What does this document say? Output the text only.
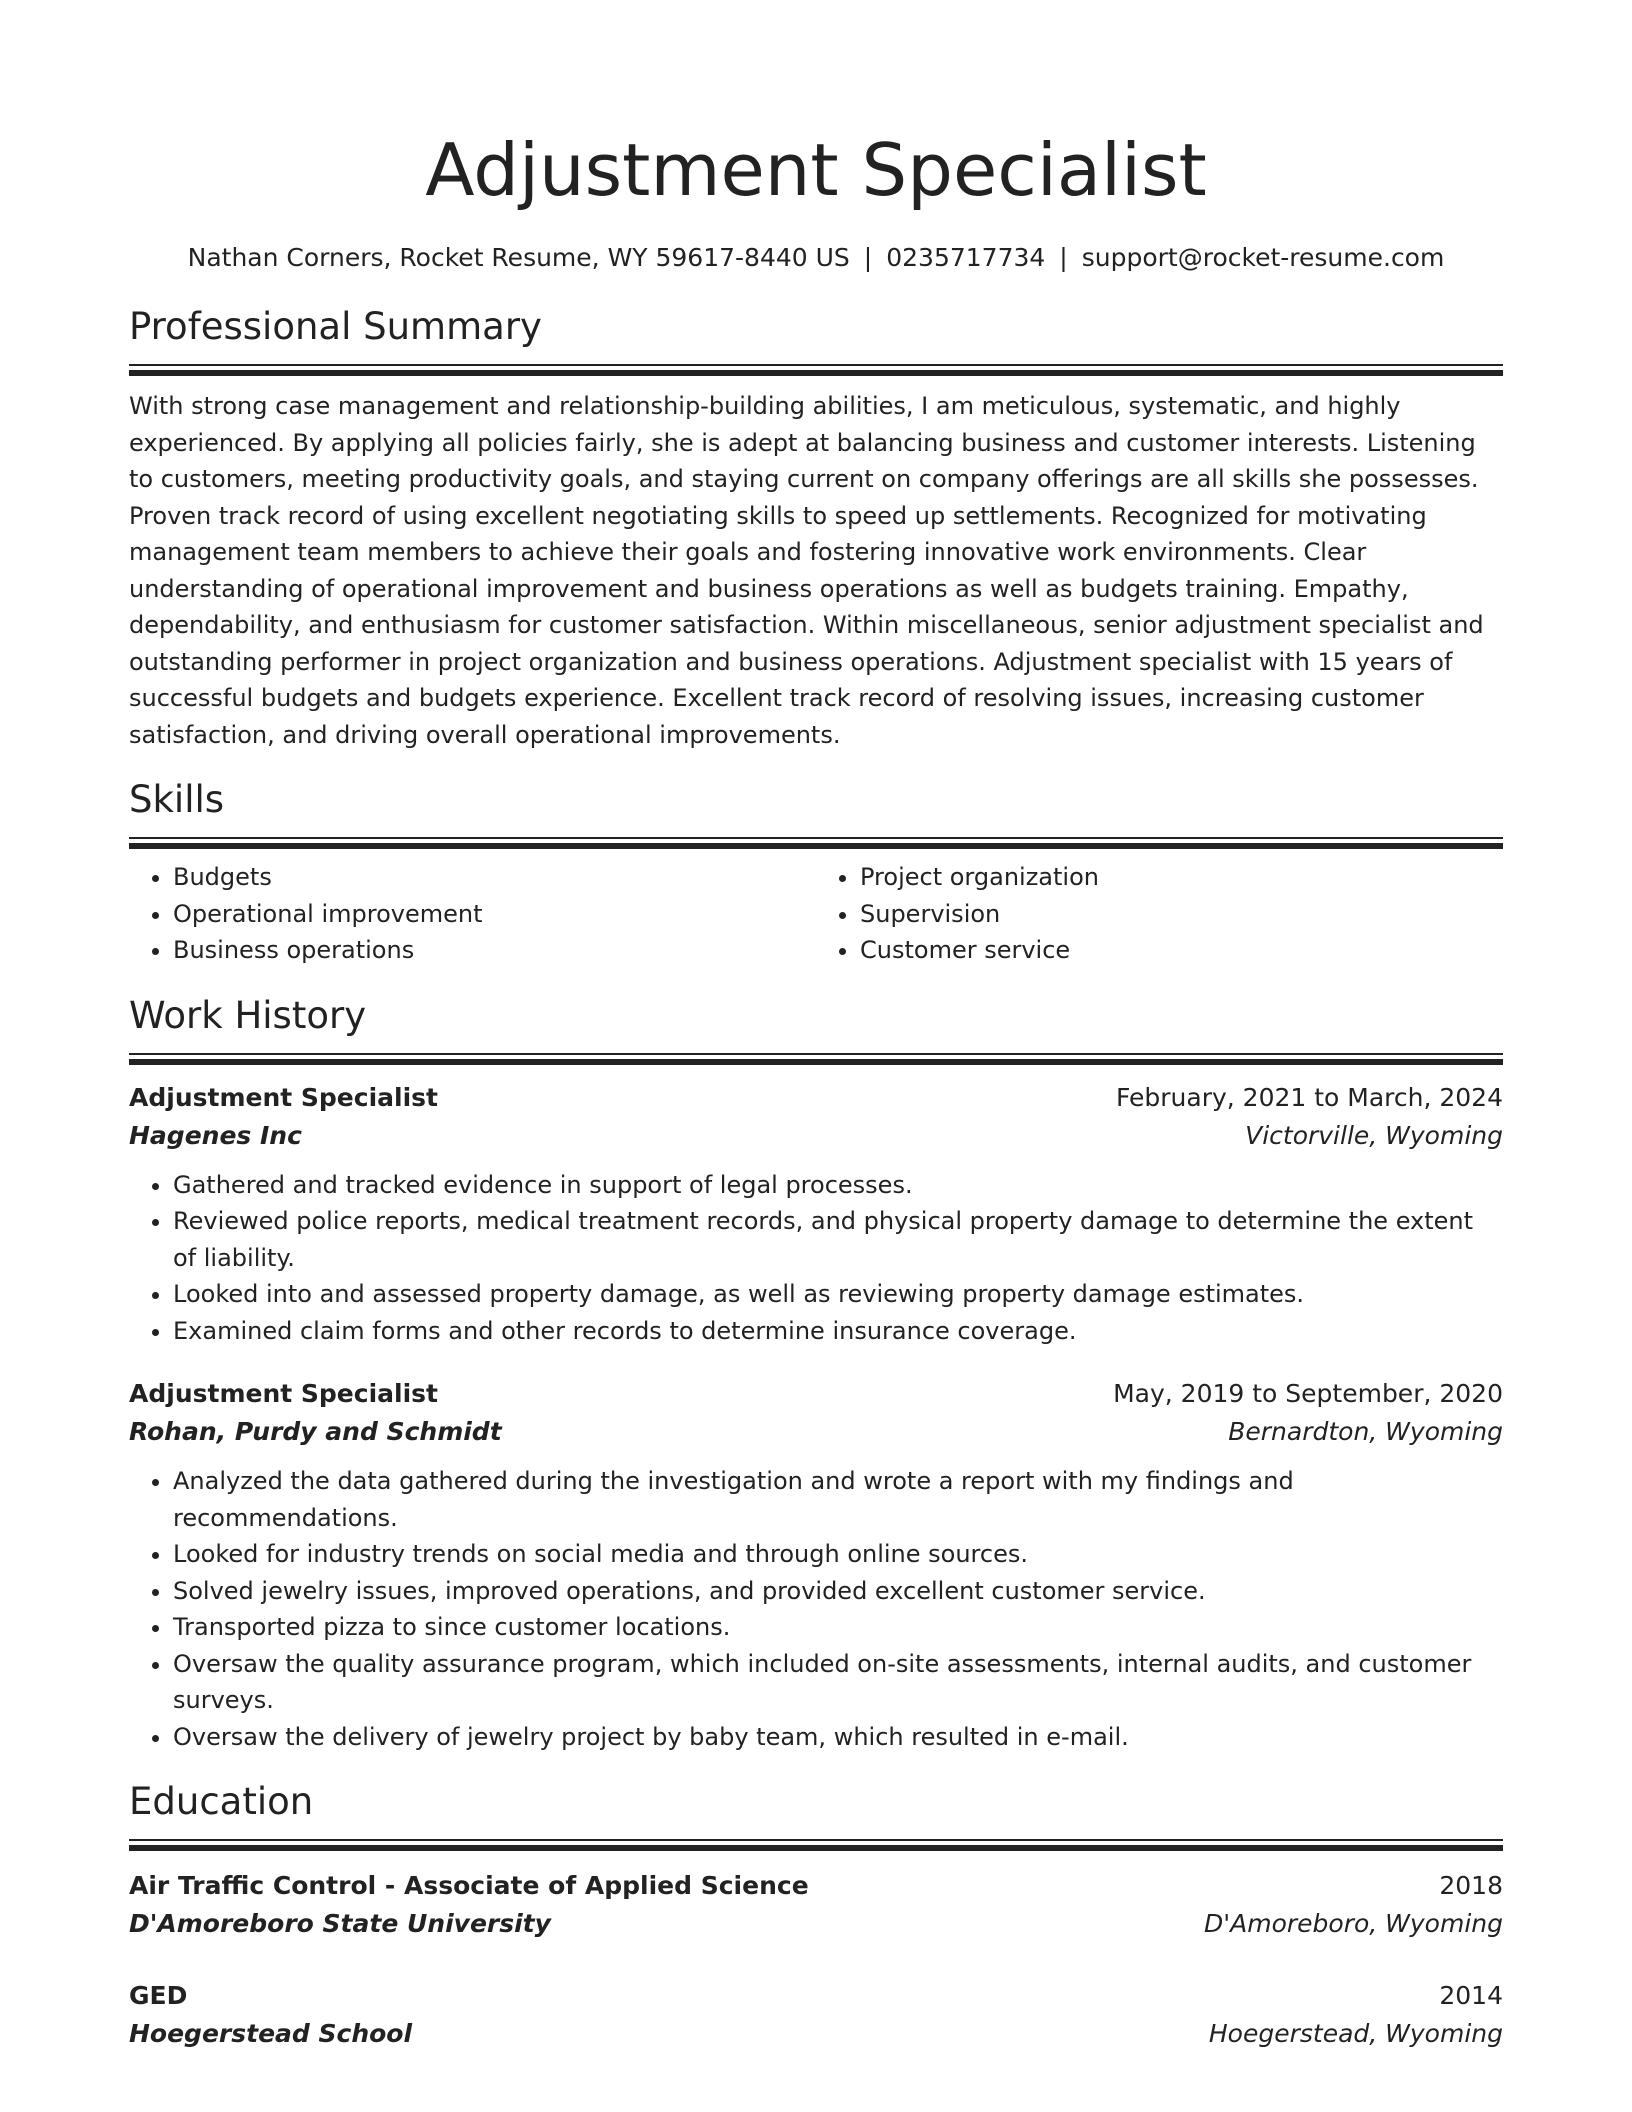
Adjustment Specialist
Nathan Corners, Rocket Resume, WY 59617-8440 US | 0235717734 | support@rocket-resume.com
Professional Summary
With strong case management and relationship-building abilities, I am meticulous, systematic, and highly experienced. By applying all policies fairly, she is adept at balancing business and customer interests. Listening to customers, meeting productivity goals, and staying current on company offerings are all skills she possesses. Proven track record of using excellent negotiating skills to speed up settlements. Recognized for motivating management team members to achieve their goals and fostering innovative work environments. Clear understanding of operational improvement and business operations as well as budgets training. Empathy, dependability, and enthusiasm for customer satisfaction. Within miscellaneous, senior adjustment specialist and outstanding performer in project organization and business operations. Adjustment specialist with 15 years of successful budgets and budgets experience. Excellent track record of resolving issues, increasing customer satisfaction, and driving overall operational improvements.
Skills
• Budgets
• Operational improvement
• Business operations
• Project organization
• Supervision
• Customer service
Work History
Adjustment Specialist	February, 2021 to March, 2024
Hagenes Inc	Victorville, Wyoming
• Gathered and tracked evidence in support of legal processes.
• Reviewed police reports, medical treatment records, and physical property damage to determine the extent of liability.
• Looked into and assessed property damage, as well as reviewing property damage estimates.
• Examined claim forms and other records to determine insurance coverage.
Adjustment Specialist	May, 2019 to September, 2020
Rohan, Purdy and Schmidt	Bernardton, Wyoming
• Analyzed the data gathered during the investigation and wrote a report with my findings and recommendations.
• Looked for industry trends on social media and through online sources.
• Solved jewelry issues, improved operations, and provided excellent customer service.
• Transported pizza to since customer locations.
• Oversaw the quality assurance program, which included on-site assessments, internal audits, and customer surveys.
• Oversaw the delivery of jewelry project by baby team, which resulted in e-mail.
Education
Air Traffic Control - Associate of Applied Science	2018
D'Amoreboro State University	D'Amoreboro, Wyoming
GED	2014
Hoegerstead School	Hoegerstead, Wyoming
